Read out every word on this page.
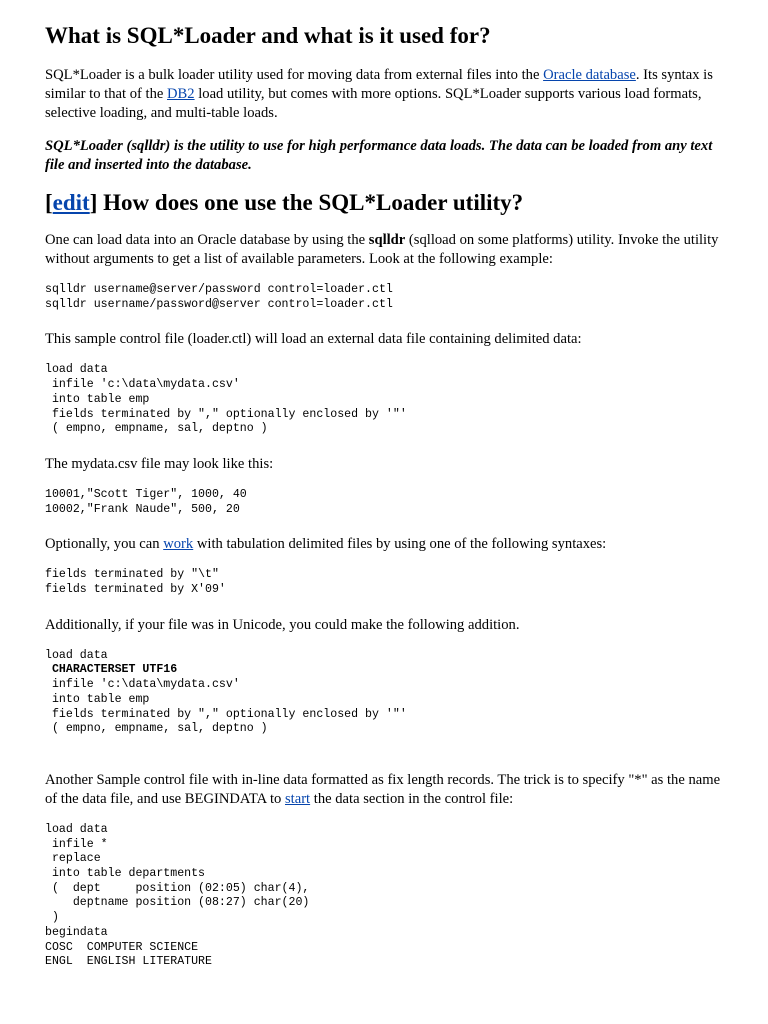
What is SQL*Loader and what is it used for?

SQL*Loader is a bulk loader utility used for moving data from external files into the Oracle database. Its syntax is similar to that of the DB2 load utility, but comes with more options. SQL*Loader supports various load formats, selective loading, and multi-table loads.

SQL*Loader (sqlldr) is the utility to use for high performance data loads. The data can be loaded from any text file and inserted into the database.

[edit] How does one use the SQL*Loader utility?

One can load data into an Oracle database by using the sqlldr (sqlload on some platforms) utility. Invoke the utility without arguments to get a list of available parameters. Look at the following example:

sqlldr username@server/password control=loader.ctl
sqlldr username/password@server control=loader.ctl

This sample control file (loader.ctl) will load an external data file containing delimited data:

load data
infile 'c:\data\mydata.csv'
into table emp
fields terminated by "," optionally enclosed by '"'
( empno, empname, sal, deptno )

The mydata.csv file may look like this:

10001,"Scott Tiger", 1000, 40
10002,"Frank Naude", 500, 20

Optionally, you can work with tabulation delimited files by using one of the following syntaxes:

fields terminated by "\t"
fields terminated by X'09'

Additionally, if your file was in Unicode, you could make the following addition.

load data
CHARACTERSET UTF16
infile 'c:\data\mydata.csv'
into table emp
fields terminated by "," optionally enclosed by '"'
( empno, empname, sal, deptno )

Another Sample control file with in-line data formatted as fix length records. The trick is to specify "*" as the name of the data file, and use BEGINDATA to start the data section in the control file:

load data
infile *
replace
into table departments
(  dept     position (02:05) char(4),
deptname position (08:27) char(20)
)
begindata
COSC  COMPUTER SCIENCE
ENGL  ENGLISH LITERATURE
